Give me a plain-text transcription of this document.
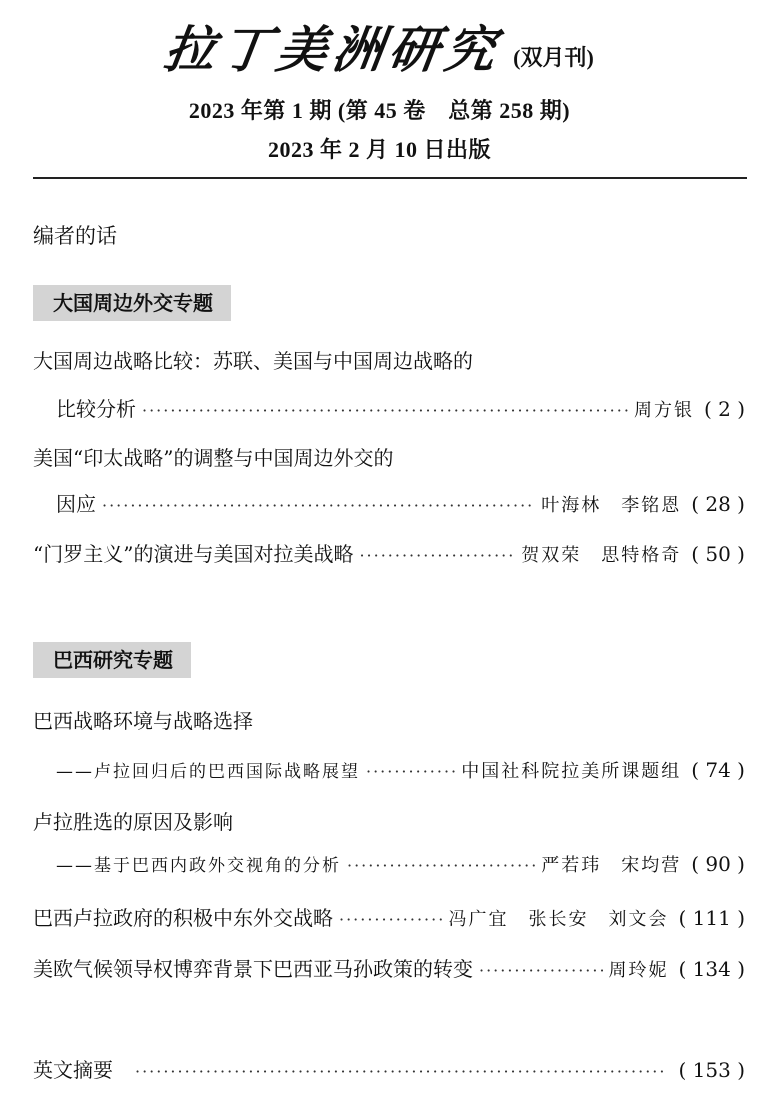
拉丁美洲研究 (双月刊)
2023 年第 1 期 (第 45 卷　总第 258 期)
2023 年 2 月 10 日出版
编者的话
大国周边外交专题
大国周边战略比较：苏联、美国与中国周边战略的
比较分析 ·····	周方银 ( 2 )
美国“印太战略”的调整与中国周边外交的
因应 ·····	叶海林　李铭恩 ( 28 )
“门罗主义”的演进与美国对拉美战略 ·····	贺双荣　思特格奇 ( 50 )
巴西研究专题
巴西战略环境与战略选择
——卢拉回归后的巴西国际战略展望 ·····	中国社科院拉美所课题组 ( 74 )
卢拉胜选的原因及影响
——基于巴西内政外交视角的分析 ·····	严若玮　宋均营 ( 90 )
巴西卢拉政府的积极中东外交战略 ·····	冯广宜　张长安　刘文会 ( 111 )
美欧气候领导权博弈背景下巴西亚马孙政策的转变 ·····	周玲妮 ( 134 )
英文摘要 ·····	( 153 )
